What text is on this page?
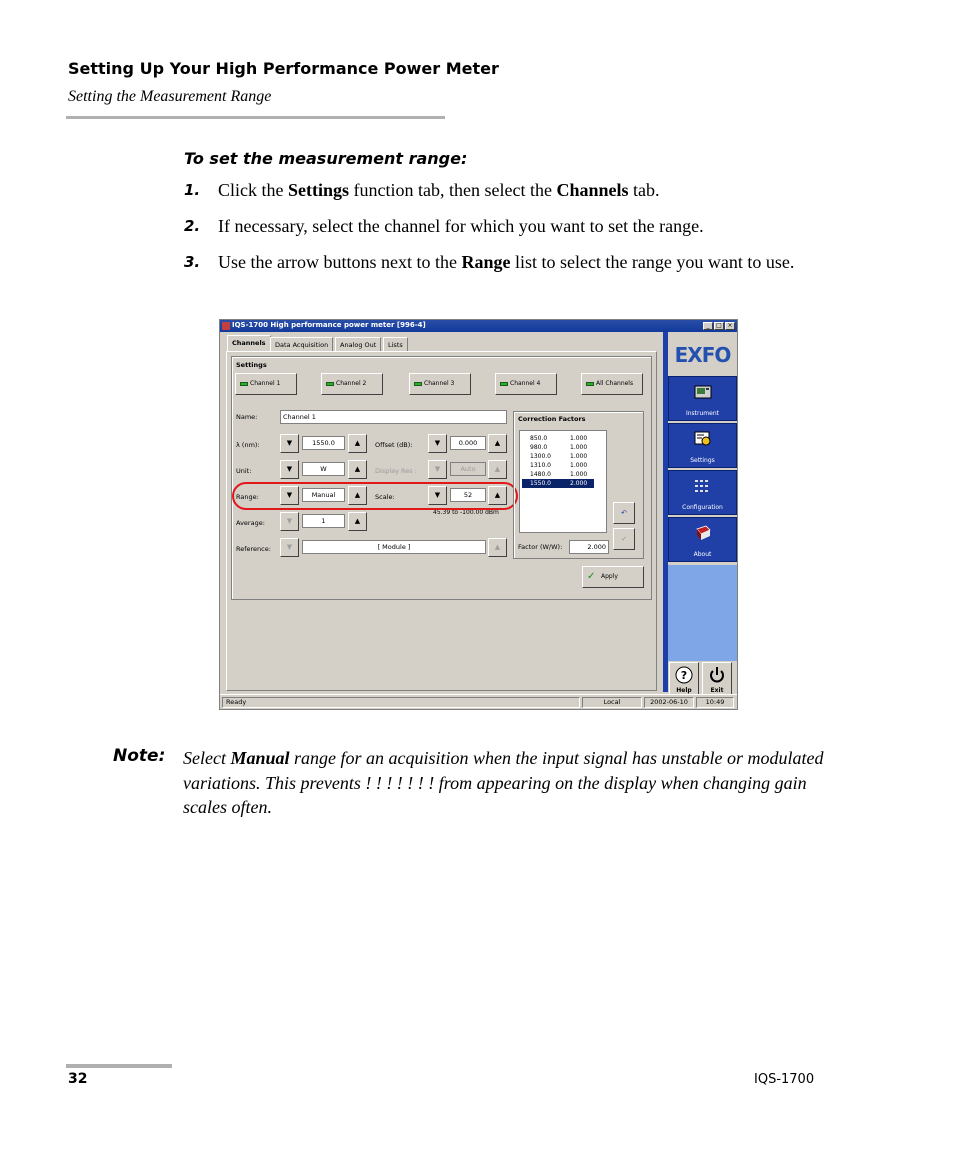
Setting Up Your High Performance Power Meter
Setting the Measurement Range
To set the measurement range:
1. Click the Settings function tab, then select the Channels tab.
2. If necessary, select the channel for which you want to set the range.
3. Use the arrow buttons next to the Range list to select the range you want to use.
IQS-1700 High performance power meter [996-4]	_	□ ×
Channels	Data Acquisition	Analog Out	Lists
Settings
Channel 1	Channel 2	Channel 3	Channel 4	All Channels
Name:	Channel 1
λ (nm):	▼	1550.0	▲	Offset (dB):	▼	0.000	▲
Unit:	▼	W	▲	Display Res :	▼	Auto	▲
Range:	▼	Manual	▲	Scale:	▼	52	▲
45.39 to -100.00 dBm
Average:	▼	1	▲
Reference:	▼	[ Module ]	▲
Correction Factors
850.0	1.000
980.0	1.000
1300.0	1.000
1310.0	1.000
1480.0	1.000
1550.0	2.000
↶
✓
Factor (W/W):	2.000
✓ Apply
EXFO
Instrument
Settings
Configuration
About
?
Help	Exit
Ready	Local	2002-06-10	10:49
Note: Select Manual range for an acquisition when the input signal has unstable or modulated variations. This prevents ! ! ! ! ! ! ! from appearing on the display when changing gain scales often.
32	IQS-1700
